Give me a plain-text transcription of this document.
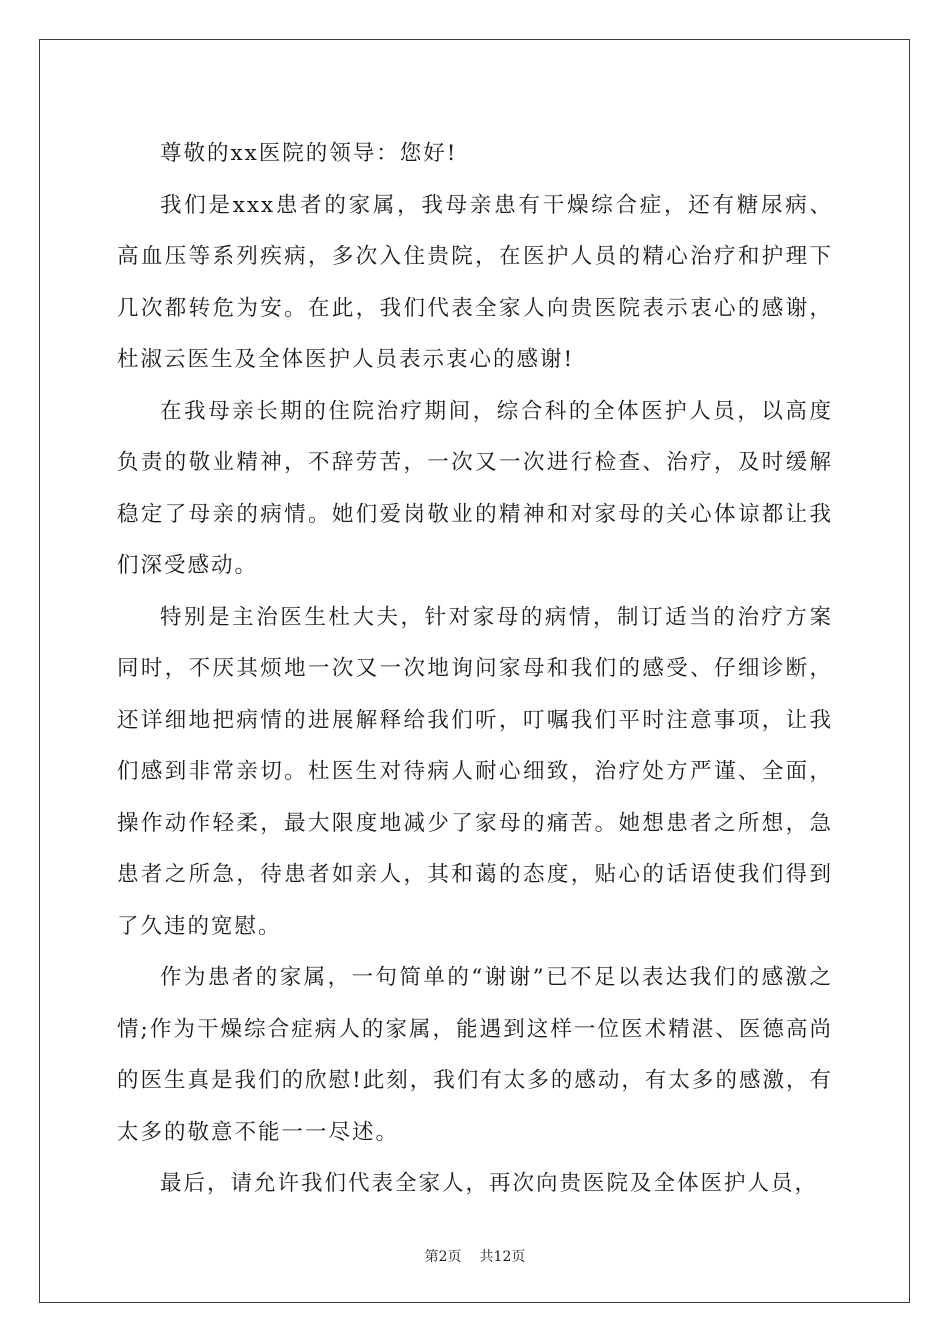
尊敬的xx医院的领导：您好!

我们是xxx患者的家属，我母亲患有干燥综合症，还有糖尿病、高血压等系列疾病，多次入住贵院，在医护人员的精心治疗和护理下几次都转危为安。在此，我们代表全家人向贵医院表示衷心的感谢，杜淑云医生及全体医护人员表示衷心的感谢!

在我母亲长期的住院治疗期间，综合科的全体医护人员，以高度负责的敬业精神，不辞劳苦，一次又一次进行检查、治疗，及时缓解稳定了母亲的病情。她们爱岗敬业的精神和对家母的关心体谅都让我们深受感动。

特别是主治医生杜大夫，针对家母的病情，制订适当的治疗方案同时，不厌其烦地一次又一次地询问家母和我们的感受、仔细诊断，还详细地把病情的进展解释给我们听，叮嘱我们平时注意事项，让我们感到非常亲切。杜医生对待病人耐心细致，治疗处方严谨、全面，操作动作轻柔，最大限度地减少了家母的痛苦。她想患者之所想，急患者之所急，待患者如亲人，其和蔼的态度，贴心的话语使我们得到了久违的宽慰。

作为患者的家属，一句简单的“谢谢”已不足以表达我们的感激之情;作为干燥综合症病人的家属，能遇到这样一位医术精湛、医德高尚的医生真是我们的欣慰!此刻，我们有太多的感动，有太多的感激，有太多的敬意不能一一尽述。

最后，请允许我们代表全家人，再次向贵医院及全体医护人员，

第2页 共12页
